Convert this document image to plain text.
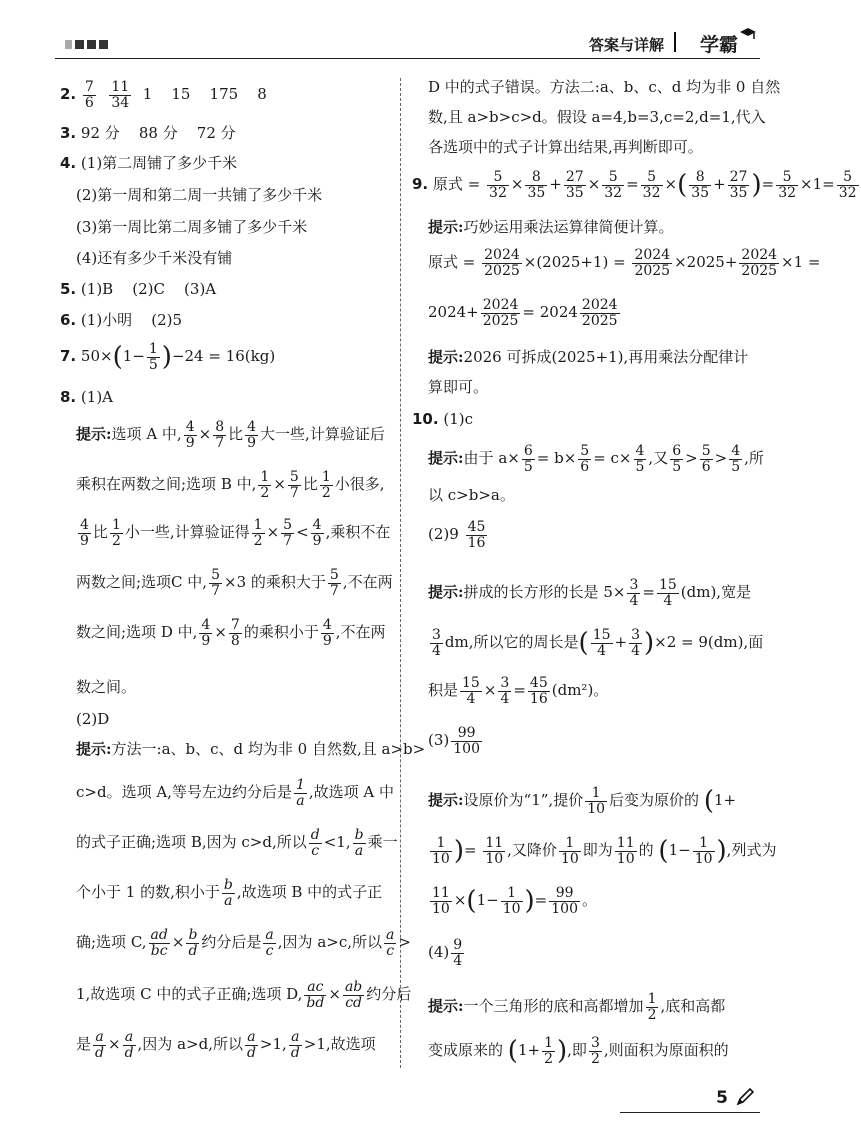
答案与详解 学霸
2. $\frac{7}{6}$
$\frac{11}{34} 1$    15    175    8
3. 92 分    88 分    72 分
4. (1)第二周铺了多少千米
(2)第一周和第二周一共铺了多少千米
(3)第一周比第二周多铺了多少千米
(4)还有多少千米没有铺
5. (1)B    (2)C    (3)A
6. (1)小明    (2)5
7. $50\times(1- \frac{1}{5} )-24 = 16(kg)$
8. (1)A
提示:选项 A 中, $\frac{4}{9} \times \frac{8}{7}$ 比 $\frac{4}{9}$ 大一些,计算验证后
乘积在两数之间;选项 B 中, $\frac{1}{2} \times \frac{5}{7}$ 比 $\frac{1}{2}$ 小很多,
$\frac{4}{9}$ 比 $\frac{1}{2}$ 小一些,计算验证得 $\frac{1}{2} \times \frac{5}{7} < \frac{4}{9}$ ,乘积不在
两数之间;选项C 中, $\frac{5}{7} \times 3$ 的乘积大于 $\frac{5}{7}$ ,不在两
数之间;选项 D 中, $\frac{4}{9} \times \frac{7}{8}$ 的乘积小于 $\frac{4}{9}$ ,不在两
数之间。
(2)D
提示:方法一:a、b、c、d 均为非 0 自然数,且 a>b>
c>d。选项 A,等号左边约分后是 $\frac{1}{a}$ ,故选项 A 中
的式子正确;选项 B,因为 c>d,所以 $\frac{d}{c} <1$, $\frac{b}{a}$ 乘一
个小于 1 的数,积小于 $\frac{b}{a}$ ,故选项 B 中的式子正
确;选项 C, $\frac{ad}{bc} \times \frac{b}{d}$ 约分后是 $\frac{a}{c}$ ,因为 a>c,所以 $\frac{a}{c}$ >
1,故选项 C 中的式子正确;选项 D, $\frac{ac}{bd} \times \frac{ab}{cd}$ 约分后
是 $\frac{a}{d} \times \frac{a}{d}$ ,因为 a>d,所以 $\frac{a}{d} >1$, $\frac{a}{d} >1$,故选项
D 中的式子错误。方法二:a、b、c、d 均为非 0 自然
数,且 a>b>c>d。假设 a=4,b=3,c=2,d=1,代入
各选项中的式子计算出结果,再判断即可。
9. 原式 = $\frac{5}{32} \times \frac{8}{35} + \frac{27}{35} \times \frac{5}{32} = \frac{5}{32}$ ×( $\frac{8}{35} + \frac{27}{35}$ )= $\frac{5}{32} \times 1= \frac{5}{32}$
提示:巧妙运用乘法运算律简便计算。
原式 = $\frac{2024}{2025} \times(2025+1) = \frac{2024}{2025} \times 2025+ \frac{2024}{2025} \times 1$ =
$2024+ \frac{2024}{2025} = 2024 \frac{2024}{2025}$
提示:2026 可拆成(2025+1),再用乘法分配律计
算即可。
10. (1)c
提示:由于 $a\times \frac{6}{5} = b\times \frac{5}{6} = c\times \frac{4}{5}$ ,又 $\frac{6}{5} > \frac{5}{6} > \frac{4}{5}$ ,所
以 c>b>a。
$(2)9 \frac{45}{16}$
提示:拼成的长方形的长是 $5\times \frac{3}{4} = \frac{15}{4} (dm)$,宽是
$\frac{3}{4}$ dm,所以它的周长是( $\frac{15}{4} + \frac{3}{4} )\times 2 = 9(dm)$,面
积是 $\frac{15}{4} \times \frac{3}{4} = \frac{45}{16} (dm^2)$。
$(3) \frac{99}{100}$
提示:设原价为“1”,提价 $\frac{1}{10}$ 后变为原价的 (1+
$\frac{1}{10}$ )= $\frac{11}{10}$ ,又降价 $\frac{1}{10}$ 即为 $\frac{11}{10}$ 的 ($1- \frac{1}{10}$ ),列式为
$\frac{11}{10} \times(1- \frac{1}{10}$ )= $\frac{99}{100}$ 。
$(4) \frac{9}{4}$
提示:一个三角形的底和高都增加 $\frac{1}{2}$ ,底和高都
变成原来的 ($1+ \frac{1}{2}$ ),即 $\frac{3}{2}$ ,则面积为原面积的
5
